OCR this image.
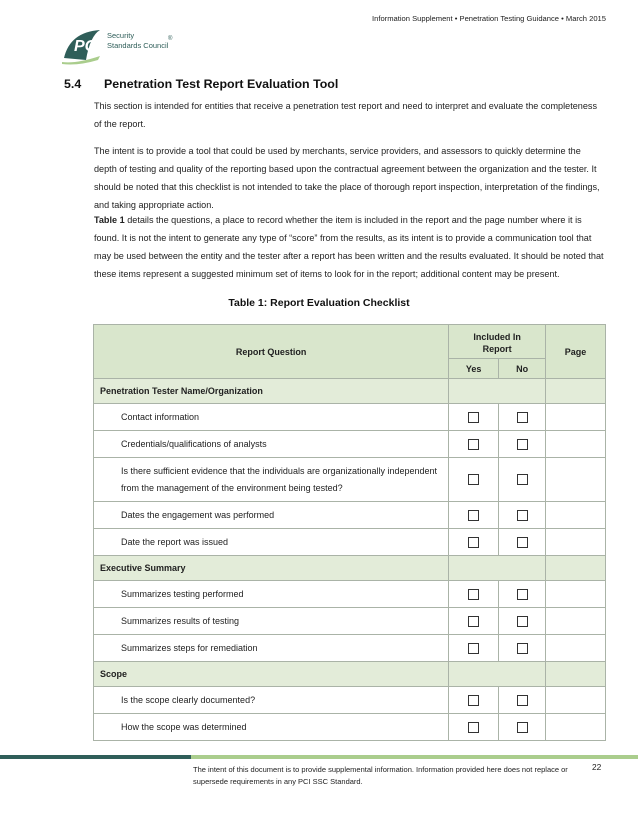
PCI
Security
Standards Council
®
Information Supplement • Penetration Testing Guidance • March 2015
5.4 Penetration Test Report Evaluation Tool
This section is intended for entities that receive a penetration test report and need to interpret and evaluate the completeness of the report.
The intent is to provide a tool that could be used by merchants, service providers, and assessors to quickly determine the depth of testing and quality of the reporting based upon the contractual agreement between the organization and the tester. It should be noted that this checklist is not intended to take the place of thorough report inspection, interpretation of the findings, and taking appropriate action.
Table 1 details the questions, a place to record whether the item is included in the report and the page number where it is found. It is not the intent to generate any type of “score” from the results, as its intent is to provide a communication tool that may be used between the entity and the tester after a report has been written and the results evaluated. It should be noted that these items represent a suggested minimum set of items to look for in the report; additional content may be present.
Table 1: Report Evaluation Checklist
Report Question	Included In Report		Page
	Yes	No	
Penetration Tester Name/Organization			
Contact information			
Credentials/qualifications of analysts			
Is there sufficient evidence that the individuals are organizationally independent from the management of the environment being tested?			
Dates the engagement was performed			
Date the report was issued			
Executive Summary			
Summarizes testing performed			
Summarizes results of testing			
Summarizes steps for remediation			
Scope			
Is the scope clearly documented?			
How the scope was determined			
The intent of this document is to provide supplemental information. Information provided here does not replace or supersede requirements in any PCI SSC Standard.
22
